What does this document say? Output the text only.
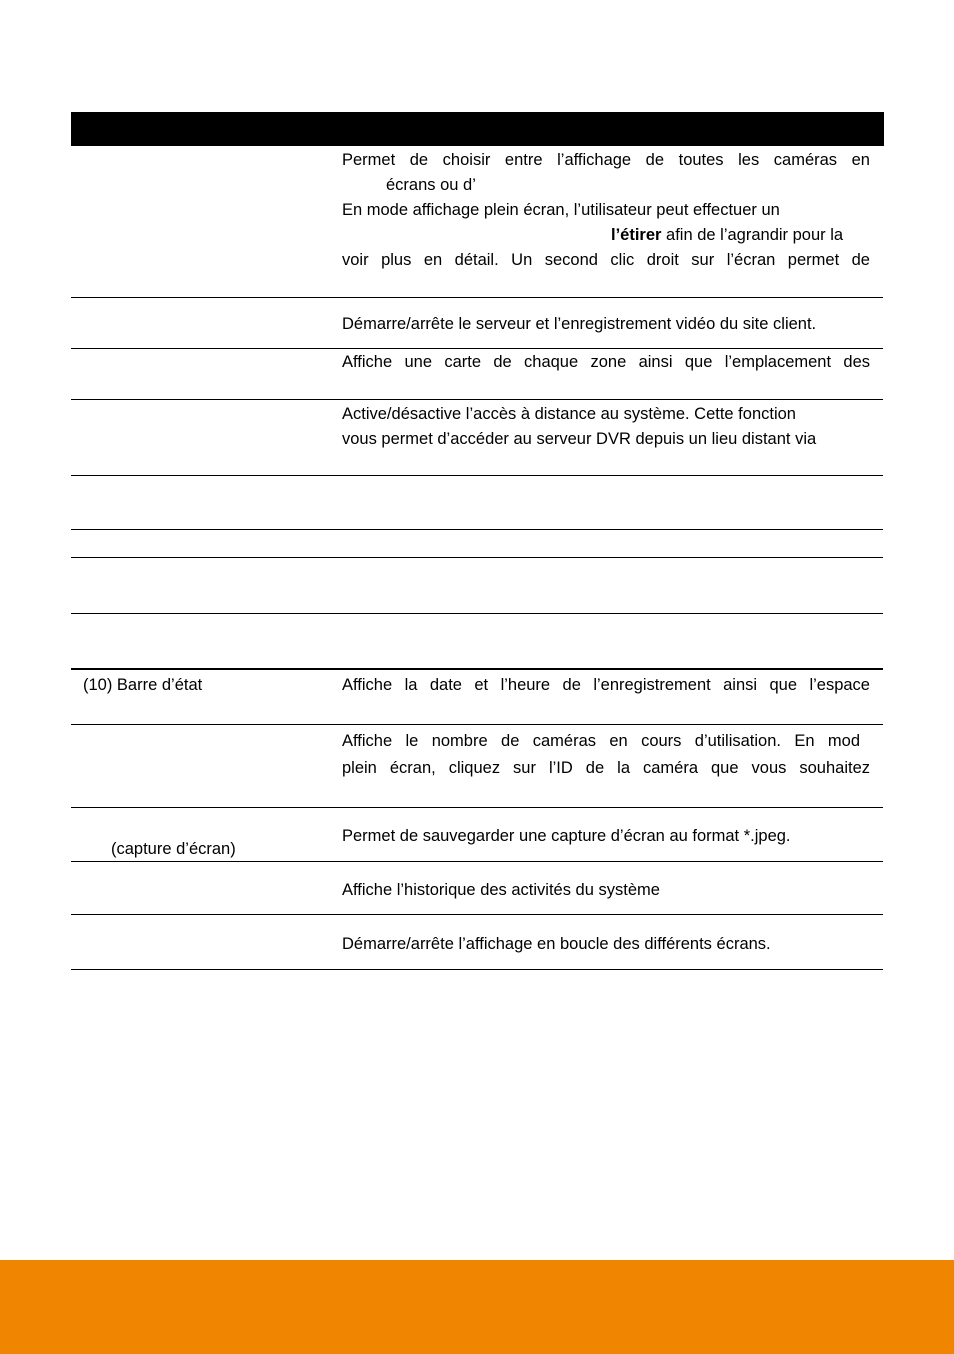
Permet de choisir entre l’affichage de toutes les caméras en
écrans ou d’
En mode affichage plein écran, l’utilisateur peut effectuer un
l’étirer afin de l’agrandir pour la
voir plus en détail. Un second clic droit sur l’écran permet de
Démarre/arrête le serveur et l’enregistrement vidéo du site client.
Affiche une carte de chaque zone ainsi que l’emplacement des
Active/désactive l’accès à distance au système. Cette fonction
vous permet d’accéder au serveur DVR depuis un lieu distant via
(10) Barre d’état	Affiche la date et l’heure de l’enregistrement ainsi que l’espace
Affiche le nombre de caméras en cours d’utilisation. En mod
plein écran, cliquez sur l’ID de la caméra que vous souhaitez
Permet de sauvegarder une capture d’écran au format *.jpeg.
(capture d’écran)
Affiche l’historique des activités du système
Démarre/arrête l’affichage en boucle des différents écrans.
